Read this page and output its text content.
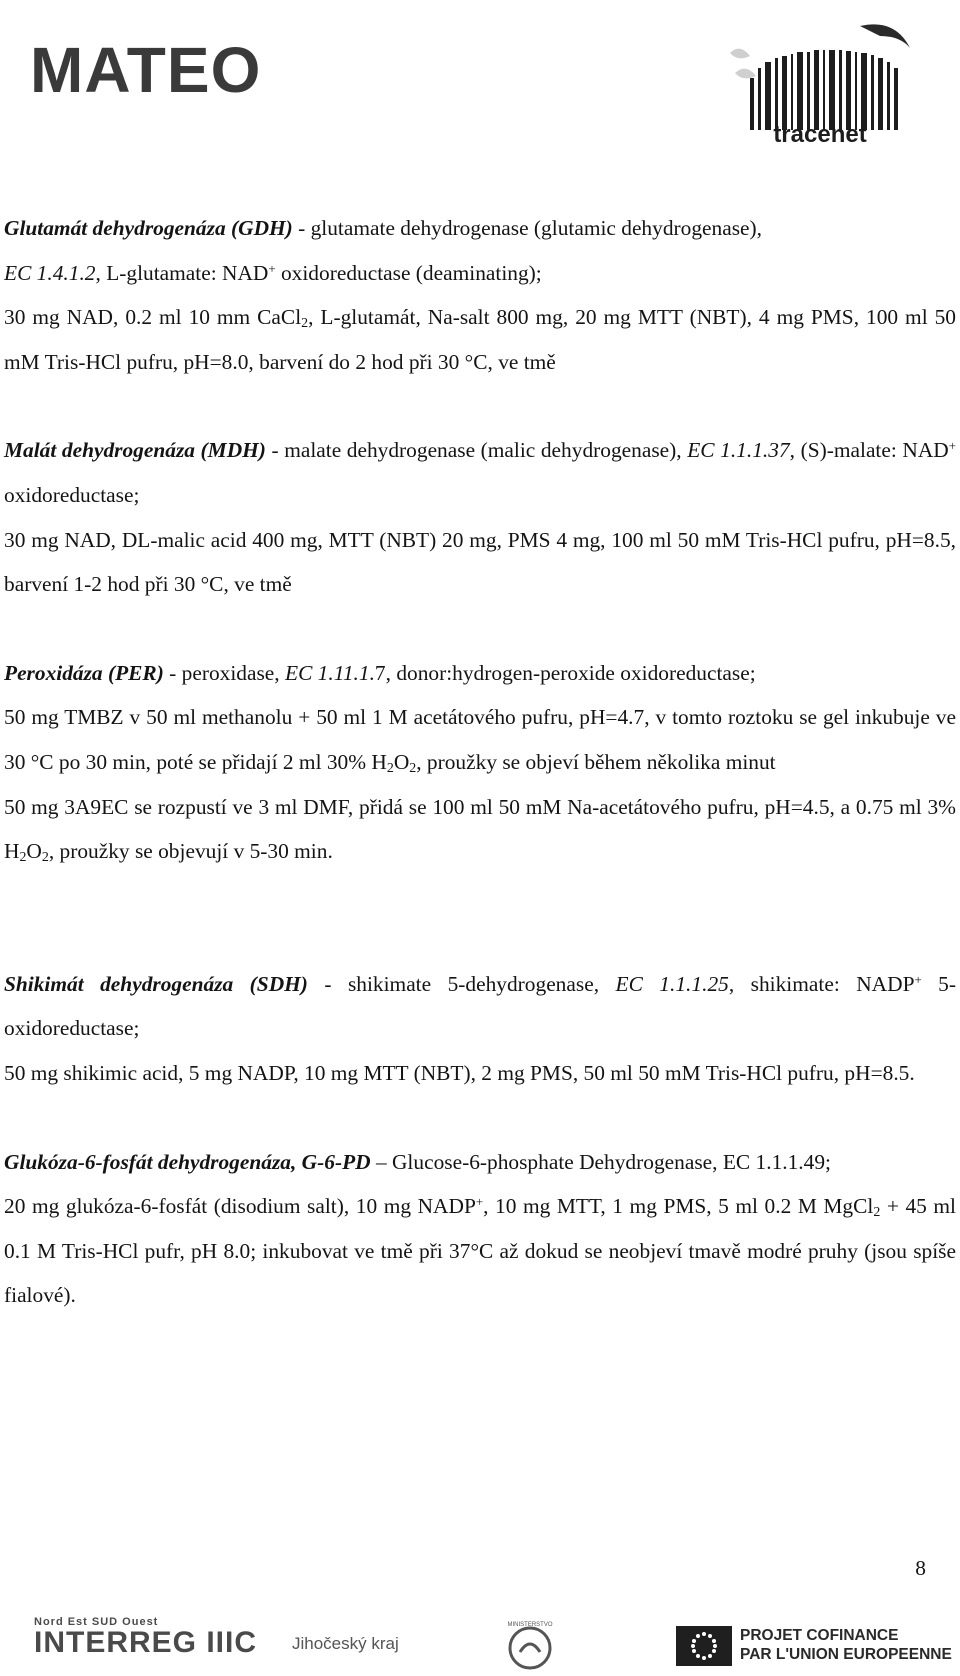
MATEO
tracenet

Glutamát dehydrogenáza (GDH) - glutamate dehydrogenase (glutamic dehydrogenase),
EC 1.4.1.2, L-glutamate: NAD+ oxidoreductase (deaminating);

30 mg NAD, 0.2 ml 10 mm CaCl$_2$, L-glutamát, Na-salt 800 mg, 20 mg MTT (NBT), 4 mg PMS, 100 ml 50 mM Tris-HCl pufru, pH=8.0, barvení do 2 hod při 30 °C, ve tmě

Malát dehydrogenáza (MDH) - malate dehydrogenase (malic dehydrogenase), EC 1.1.1.37, (S)-malate: NAD+ oxidoreductase;

30 mg NAD, DL-malic acid 400 mg, MTT (NBT) 20 mg, PMS 4 mg, 100 ml 50 mM Tris-HCl pufru, pH=8.5, barvení 1-2 hod při 30 °C, ve tmě

Peroxidáza (PER) - peroxidase, EC 1.11.1.7, donor:hydrogen-peroxide oxidoreductase;

50 mg TMBZ v 50 ml methanolu + 50 ml 1 M acetátového pufru, pH=4.7, v tomto roztoku se gel inkubuje ve 30 °C po 30 min, poté se přidají 2 ml 30% $H_2O_2$, proužky se objeví během několika minut

50 mg 3A9EC se rozpustí ve 3 ml DMF, přidá se 100 ml 50 mM Na-acetátového pufru, pH=4.5, a 0.75 ml 3% $H_2O_2$, proužky se objevují v 5-30 min.

Shikimát dehydrogenáza (SDH) - shikimate 5-dehydrogenase, EC 1.1.1.25, shikimate: NADP+ 5-oxidoreductase;

50 mg shikimic acid, 5 mg NADP, 10 mg MTT (NBT), 2 mg PMS, 50 ml 50 mM Tris-HCl pufru, pH=8.5.

Glukóza-6-fosfát dehydrogenáza, G-6-PD – Glucose-6-phosphate Dehydrogenase, EC 1.1.1.49;

20 mg glukóza-6-fosfát (disodium salt), 10 mg NADP+, 10 mg MTT, 1 mg PMS, 5 ml 0.2 M MgCl$_2$ + 45 ml 0.1 M Tris-HCl pufr, pH 8.0; inkubovat ve tmě při 37°C až dokud se neobjeví tmavě modré pruhy (jsou spíše fialové).

8
Nord Est SUD Ouest
INTERREG IIIC Jihočeský kraj
MINISTERSTVO
PROJET COFINANCE
PAR L'UNION EUROPEENNE
